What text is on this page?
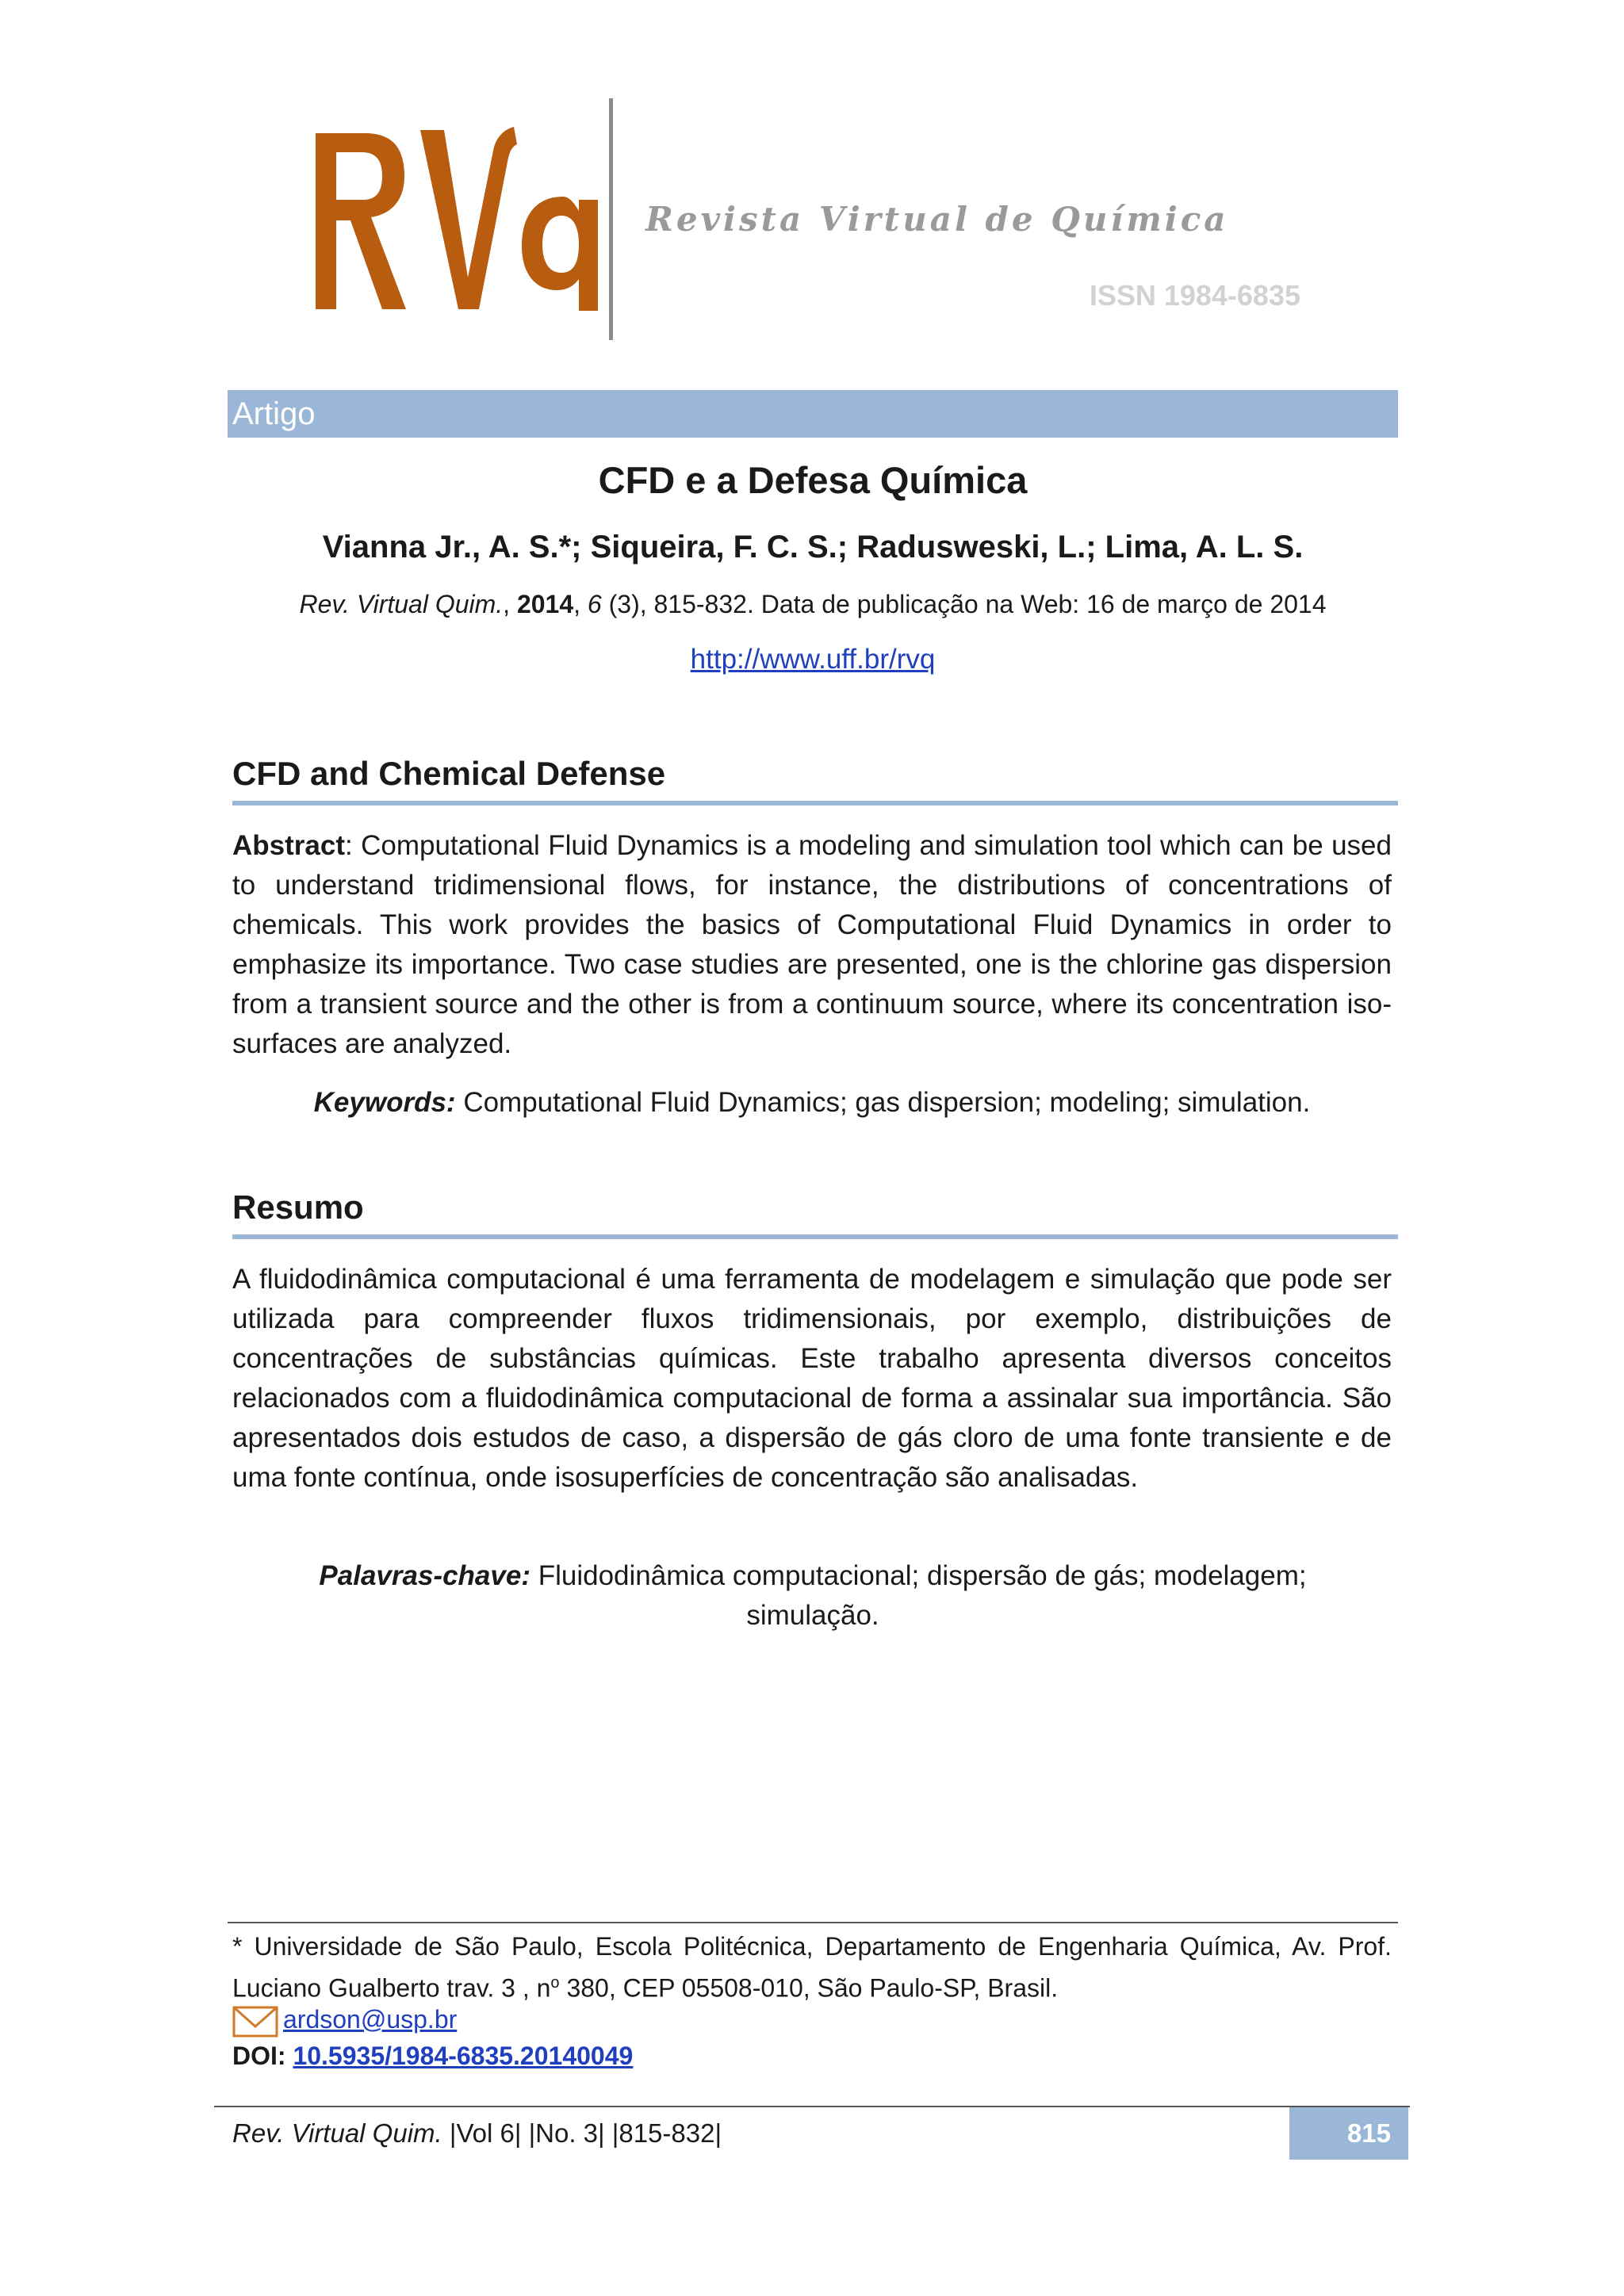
Revista Virtual de Química
ISSN 1984-6835
Artigo
CFD e a Defesa Química
Vianna Jr., A. S.*; Siqueira, F. C. S.; Radusweski, L.; Lima, A. L. S.
Rev. Virtual Quim., 2014, 6 (3), 815-832. Data de publicação na Web: 16 de março de 2014
http://www.uff.br/rvq
CFD and Chemical Defense
Abstract: Computational Fluid Dynamics is a modeling and simulation tool which can be used to understand tridimensional flows, for instance, the distributions of concentrations of chemicals. This work provides the basics of Computational Fluid Dynamics in order to emphasize its importance. Two case studies are presented, one is the chlorine gas dispersion from a transient source and the other is from a continuum source, where its concentration iso-surfaces are analyzed.
Keywords: Computational Fluid Dynamics; gas dispersion; modeling; simulation.
Resumo
A fluidodinâmica computacional é uma ferramenta de modelagem e simulação que pode ser utilizada para compreender fluxos tridimensionais, por exemplo, distribuições de concentrações de substâncias químicas. Este trabalho apresenta diversos conceitos relacionados com a fluidodinâmica computacional de forma a assinalar sua importância. São apresentados dois estudos de caso, a dispersão de gás cloro de uma fonte transiente e de uma fonte contínua, onde isosuperfícies de concentração são analisadas.
Palavras-chave: Fluidodinâmica computacional; dispersão de gás; modelagem; simulação.
* Universidade de São Paulo, Escola Politécnica, Departamento de Engenharia Química, Av. Prof. Luciano Gualberto trav. 3 , $n^o$ 380, CEP 05508-010, São Paulo-SP, Brasil.
ardson@usp.br
DOI: 10.5935/1984-6835.20140049
Rev. Virtual Quim. |Vol 6| |No. 3| |815-832|	815
